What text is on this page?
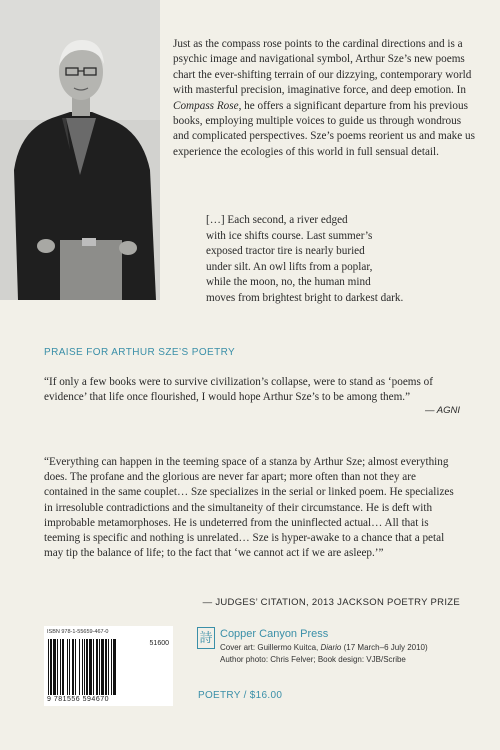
Just as the compass rose points to the cardinal directions and is a psychic image and navigational symbol, Arthur Sze’s new poems chart the ever-shifting terrain of our dizzying, contemporary world with masterful precision, imaginative force, and deep emotion. In Compass Rose, he offers a significant departure from his previous books, employing multiple voices to guide us through wondrous and complicated perspectives. Sze’s poems reorient us and make us experience the ecologies of this world in full sensual detail.

[…] Each second, a river edged
with ice shifts course. Last summer’s
exposed tractor tire is nearly buried
under silt. An owl lifts from a poplar,
while the moon, no, the human mind
moves from brightest bright to darkest dark.
PRAISE FOR ARTHUR SZE’S POETRY

“If only a few books were to survive civilization’s collapse, were to stand as ‘poems of evidence’ that life once flourished, I would hope Arthur Sze’s to be among them.”

— AGNI

“Everything can happen in the teeming space of a stanza by Arthur Sze; almost everything does. The profane and the glorious are never far apart; more often than not they are contained in the same couplet… Sze specializes in the serial or linked poem. He specializes in irresoluble contradictions and the simultaneity of their circumstance. He is deft with improbable metamorphoses. He is undeterred from the uninflected actual… All that is teeming is specific and nothing is unrelated… Sze is hyper-awake to a chance that a petal may tip the balance of life; to the fact that ‘we cannot act if we are asleep.’”

— JUDGES’ CITATION, 2013 JACKSON POETRY PRIZE
ISBN 978-1-55659-467-0
51600
9 781556 594670
詩 Copper Canyon Press
Cover art: Guillermo Kuitca, Diario (17 March–6 July 2010)
Author photo: Chris Felver; Book design: VJB/Scribe
POETRY / $16.00
